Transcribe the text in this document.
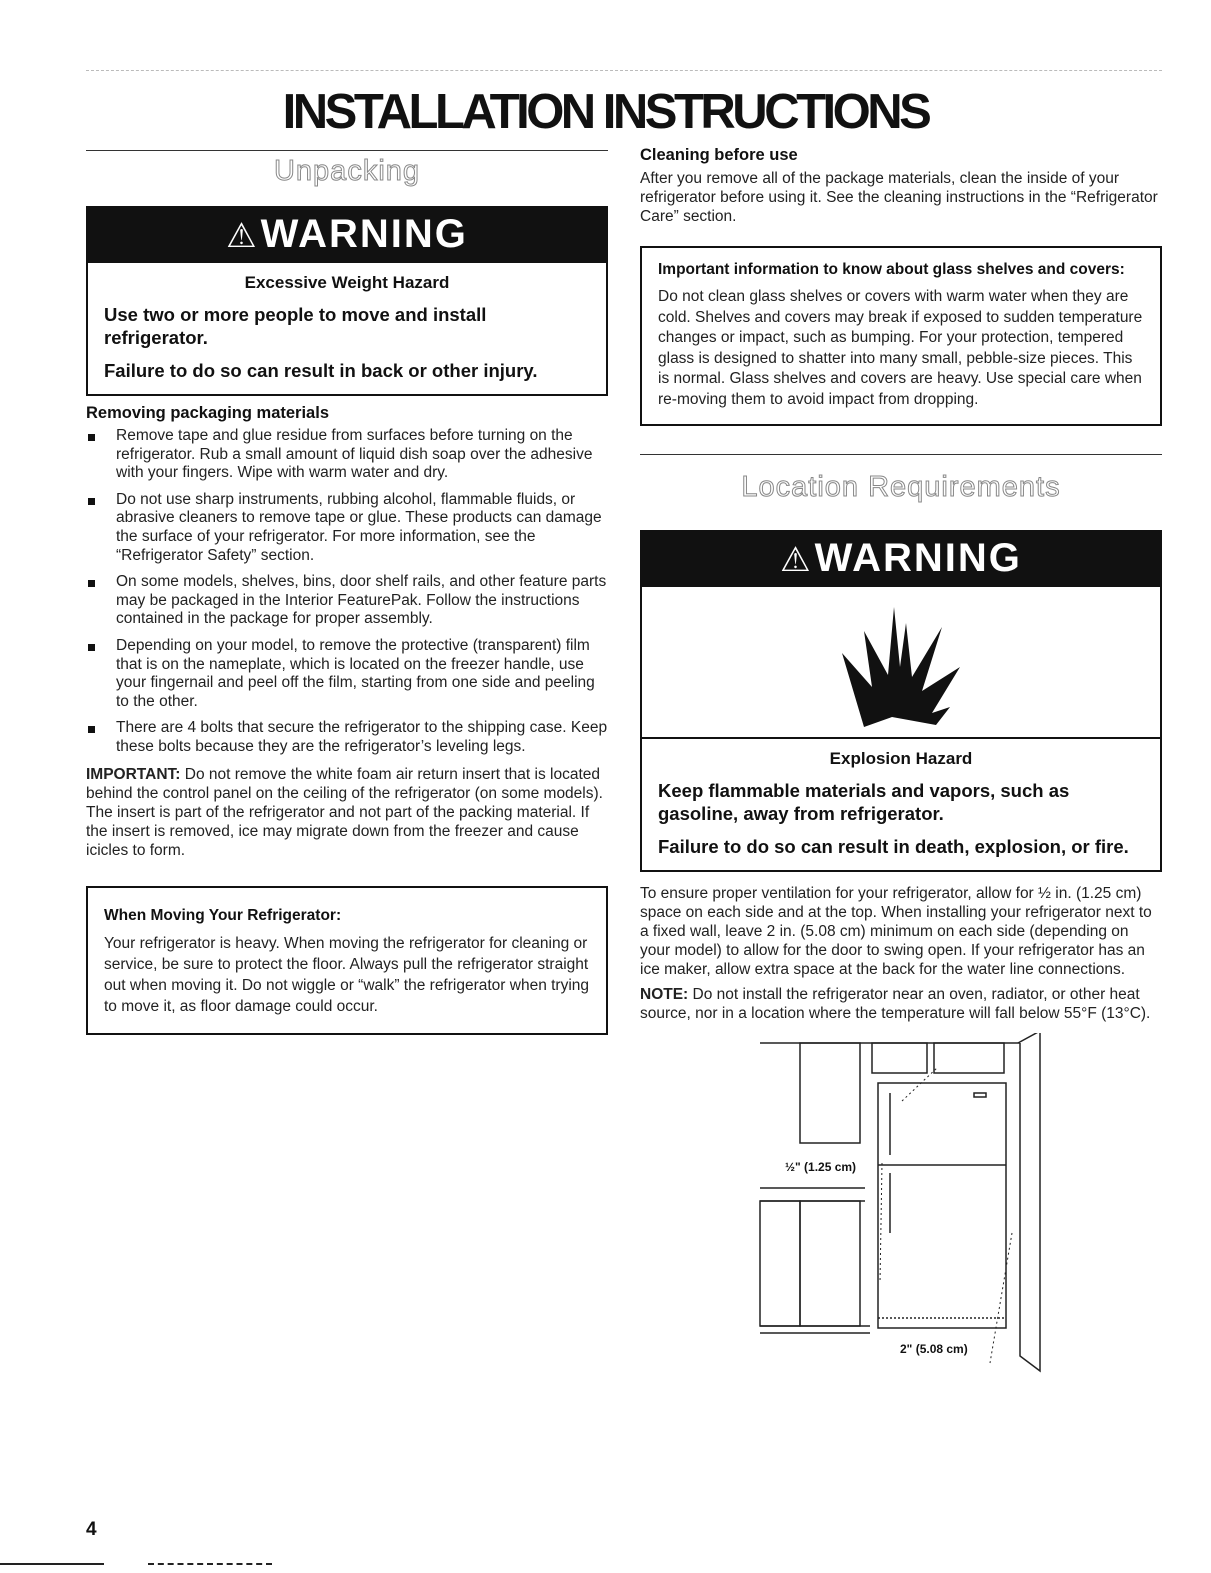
INSTALLATION INSTRUCTIONS
Unpacking
⚠WARNING

Excessive Weight Hazard

Use two or more people to move and install refrigerator.

Failure to do so can result in back or other injury.

Removing packaging materials
Remove tape and glue residue from surfaces before turning on the refrigerator. Rub a small amount of liquid dish soap over the adhesive with your fingers. Wipe with warm water and dry.
Do not use sharp instruments, rubbing alcohol, flammable fluids, or abrasive cleaners to remove tape or glue. These products can damage the surface of your refrigerator. For more information, see the “Refrigerator Safety” section.
On some models, shelves, bins, door shelf rails, and other feature parts may be packaged in the Interior FeaturePak. Follow the instructions contained in the package for proper assembly.
Depending on your model, to remove the protective (transparent) film that is on the nameplate, which is located on the freezer handle, use your fingernail and peel off the film, starting from one side and peeling to the other.
There are 4 bolts that secure the refrigerator to the shipping case. Keep these bolts because they are the refrigerator’s leveling legs.

IMPORTANT: Do not remove the white foam air return insert that is located behind the control panel on the ceiling of the refrigerator (on some models). The insert is part of the refrigerator and not part of the packing material. If the insert is removed, ice may migrate down from the freezer and cause icicles to form.

When Moving Your Refrigerator:

Your refrigerator is heavy. When moving the refrigerator for cleaning or service, be sure to protect the floor. Always pull the refrigerator straight out when moving it. Do not wiggle or “walk” the refrigerator when trying to move it, as floor damage could occur.

Cleaning before use

After you remove all of the package materials, clean the inside of your refrigerator before using it. See the cleaning instructions in the “Refrigerator Care” section.

Important information to know about glass shelves and covers:

Do not clean glass shelves or covers with warm water when they are cold. Shelves and covers may break if exposed to sudden temperature changes or impact, such as bumping. For your protection, tempered glass is designed to shatter into many small, pebble-size pieces. This is normal. Glass shelves and covers are heavy. Use special care when re-moving them to avoid impact from dropping.

Location Requirements
⚠WARNING

Explosion Hazard

Keep flammable materials and vapors, such as gasoline, away from refrigerator.

Failure to do so can result in death, explosion, or fire.

To ensure proper ventilation for your refrigerator, allow for ½ in. (1.25 cm) space on each side and at the top. When installing your refrigerator next to a fixed wall, leave 2 in. (5.08 cm) minimum on each side (depending on your model) to allow for the door to swing open. If your refrigerator has an ice maker, allow extra space at the back for the water line connections.

NOTE: Do not install the refrigerator near an oven, radiator, or other heat source, nor in a location where the temperature will fall below 55°F (13°C).

½" (1.25 cm)
2" (5.08 cm)
4
